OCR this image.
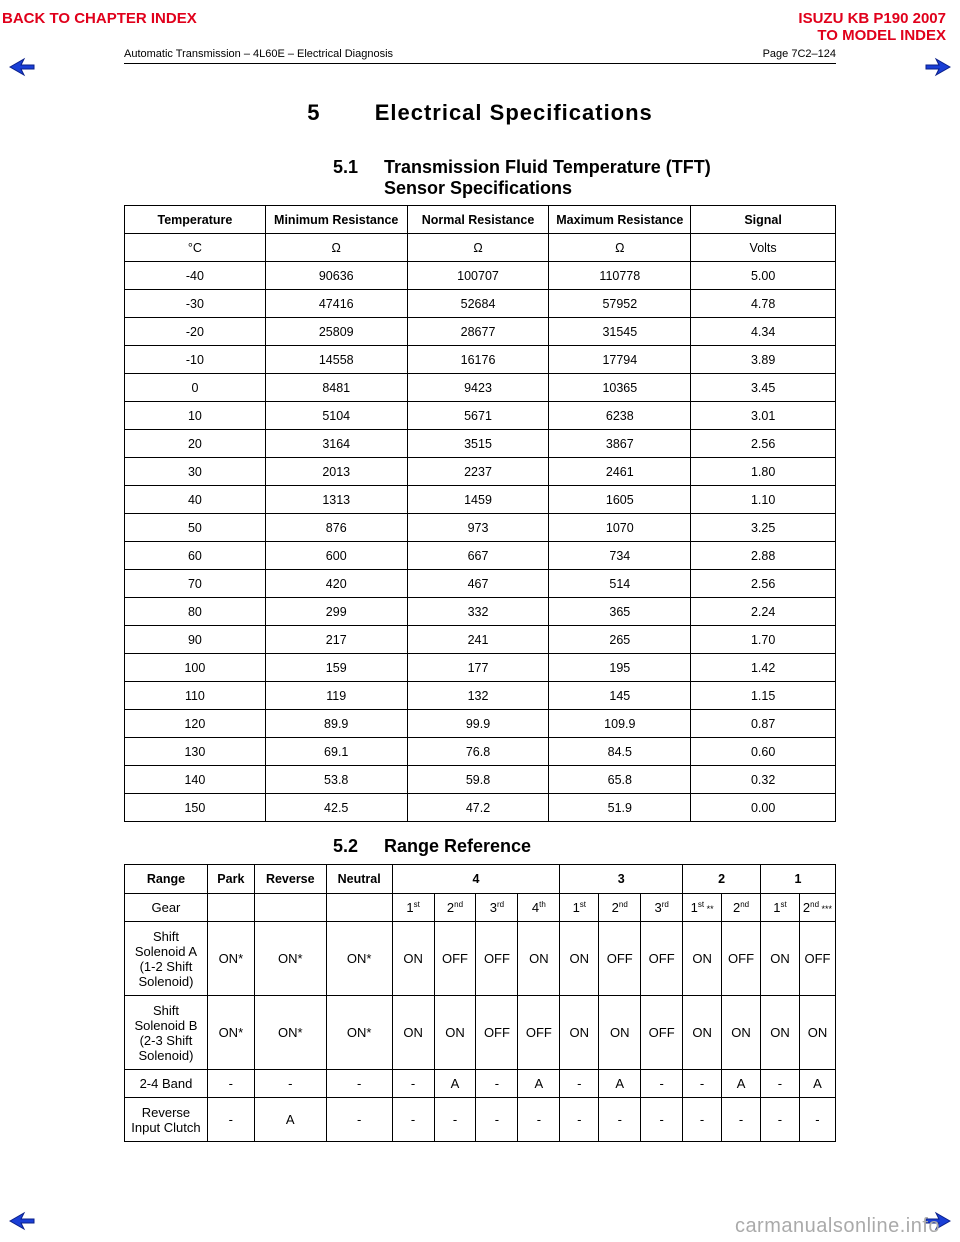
BACK TO CHAPTER INDEX	ISUZU KB P190 2007
TO MODEL INDEX
Automatic Transmission – 4L60E – Electrical Diagnosis	Page 7C2–124
5 Electrical Specifications
5.1 Transmission Fluid Temperature (TFT)
Sensor Specifications
Temperature	Minimum Resistance	Normal Resistance	Maximum Resistance	Signal
°C	Ω	Ω	Ω	Volts
-40	90636	100707	110778	5.00
-30	47416	52684	57952	4.78
-20	25809	28677	31545	4.34
-10	14558	16176	17794	3.89
0	8481	9423	10365	3.45
10	5104	5671	6238	3.01
20	3164	3515	3867	2.56
30	2013	2237	2461	1.80
40	1313	1459	1605	1.10
50	876	973	1070	3.25
60	600	667	734	2.88
70	420	467	514	2.56
80	299	332	365	2.24
90	217	241	265	1.70
100	159	177	195	1.42
110	119	132	145	1.15
120	89.9	99.9	109.9	0.87
130	69.1	76.8	84.5	0.60
140	53.8	59.8	65.8	0.32
150	42.5	47.2	51.9	0.00
5.2 Range Reference
Range	Park	Reverse	Neutral	4				3			2		1	
Gear				1st	2nd	3rd	4th	1st	2nd	3rd	1st **	2nd	1st	2nd ***

Shift
Solenoid A
(1-2 Shift
Solenoid)	ON*	ON*	ON*	ON	OFF	OFF	ON	ON	OFF	OFF	ON	OFF	ON	OFF

Shift
Solenoid B
(2-3 Shift
Solenoid)	ON*	ON*	ON*	ON	ON	OFF	OFF	ON	ON	OFF	ON	ON	ON	ON

2-4 Band	-	-	-	-	A	-	A	-	A	-	-	A	-	A

Reverse
Input Clutch	-	A	-	-	-	-	-	-	-	-	-	-	-	-
carmanualsonline.info
